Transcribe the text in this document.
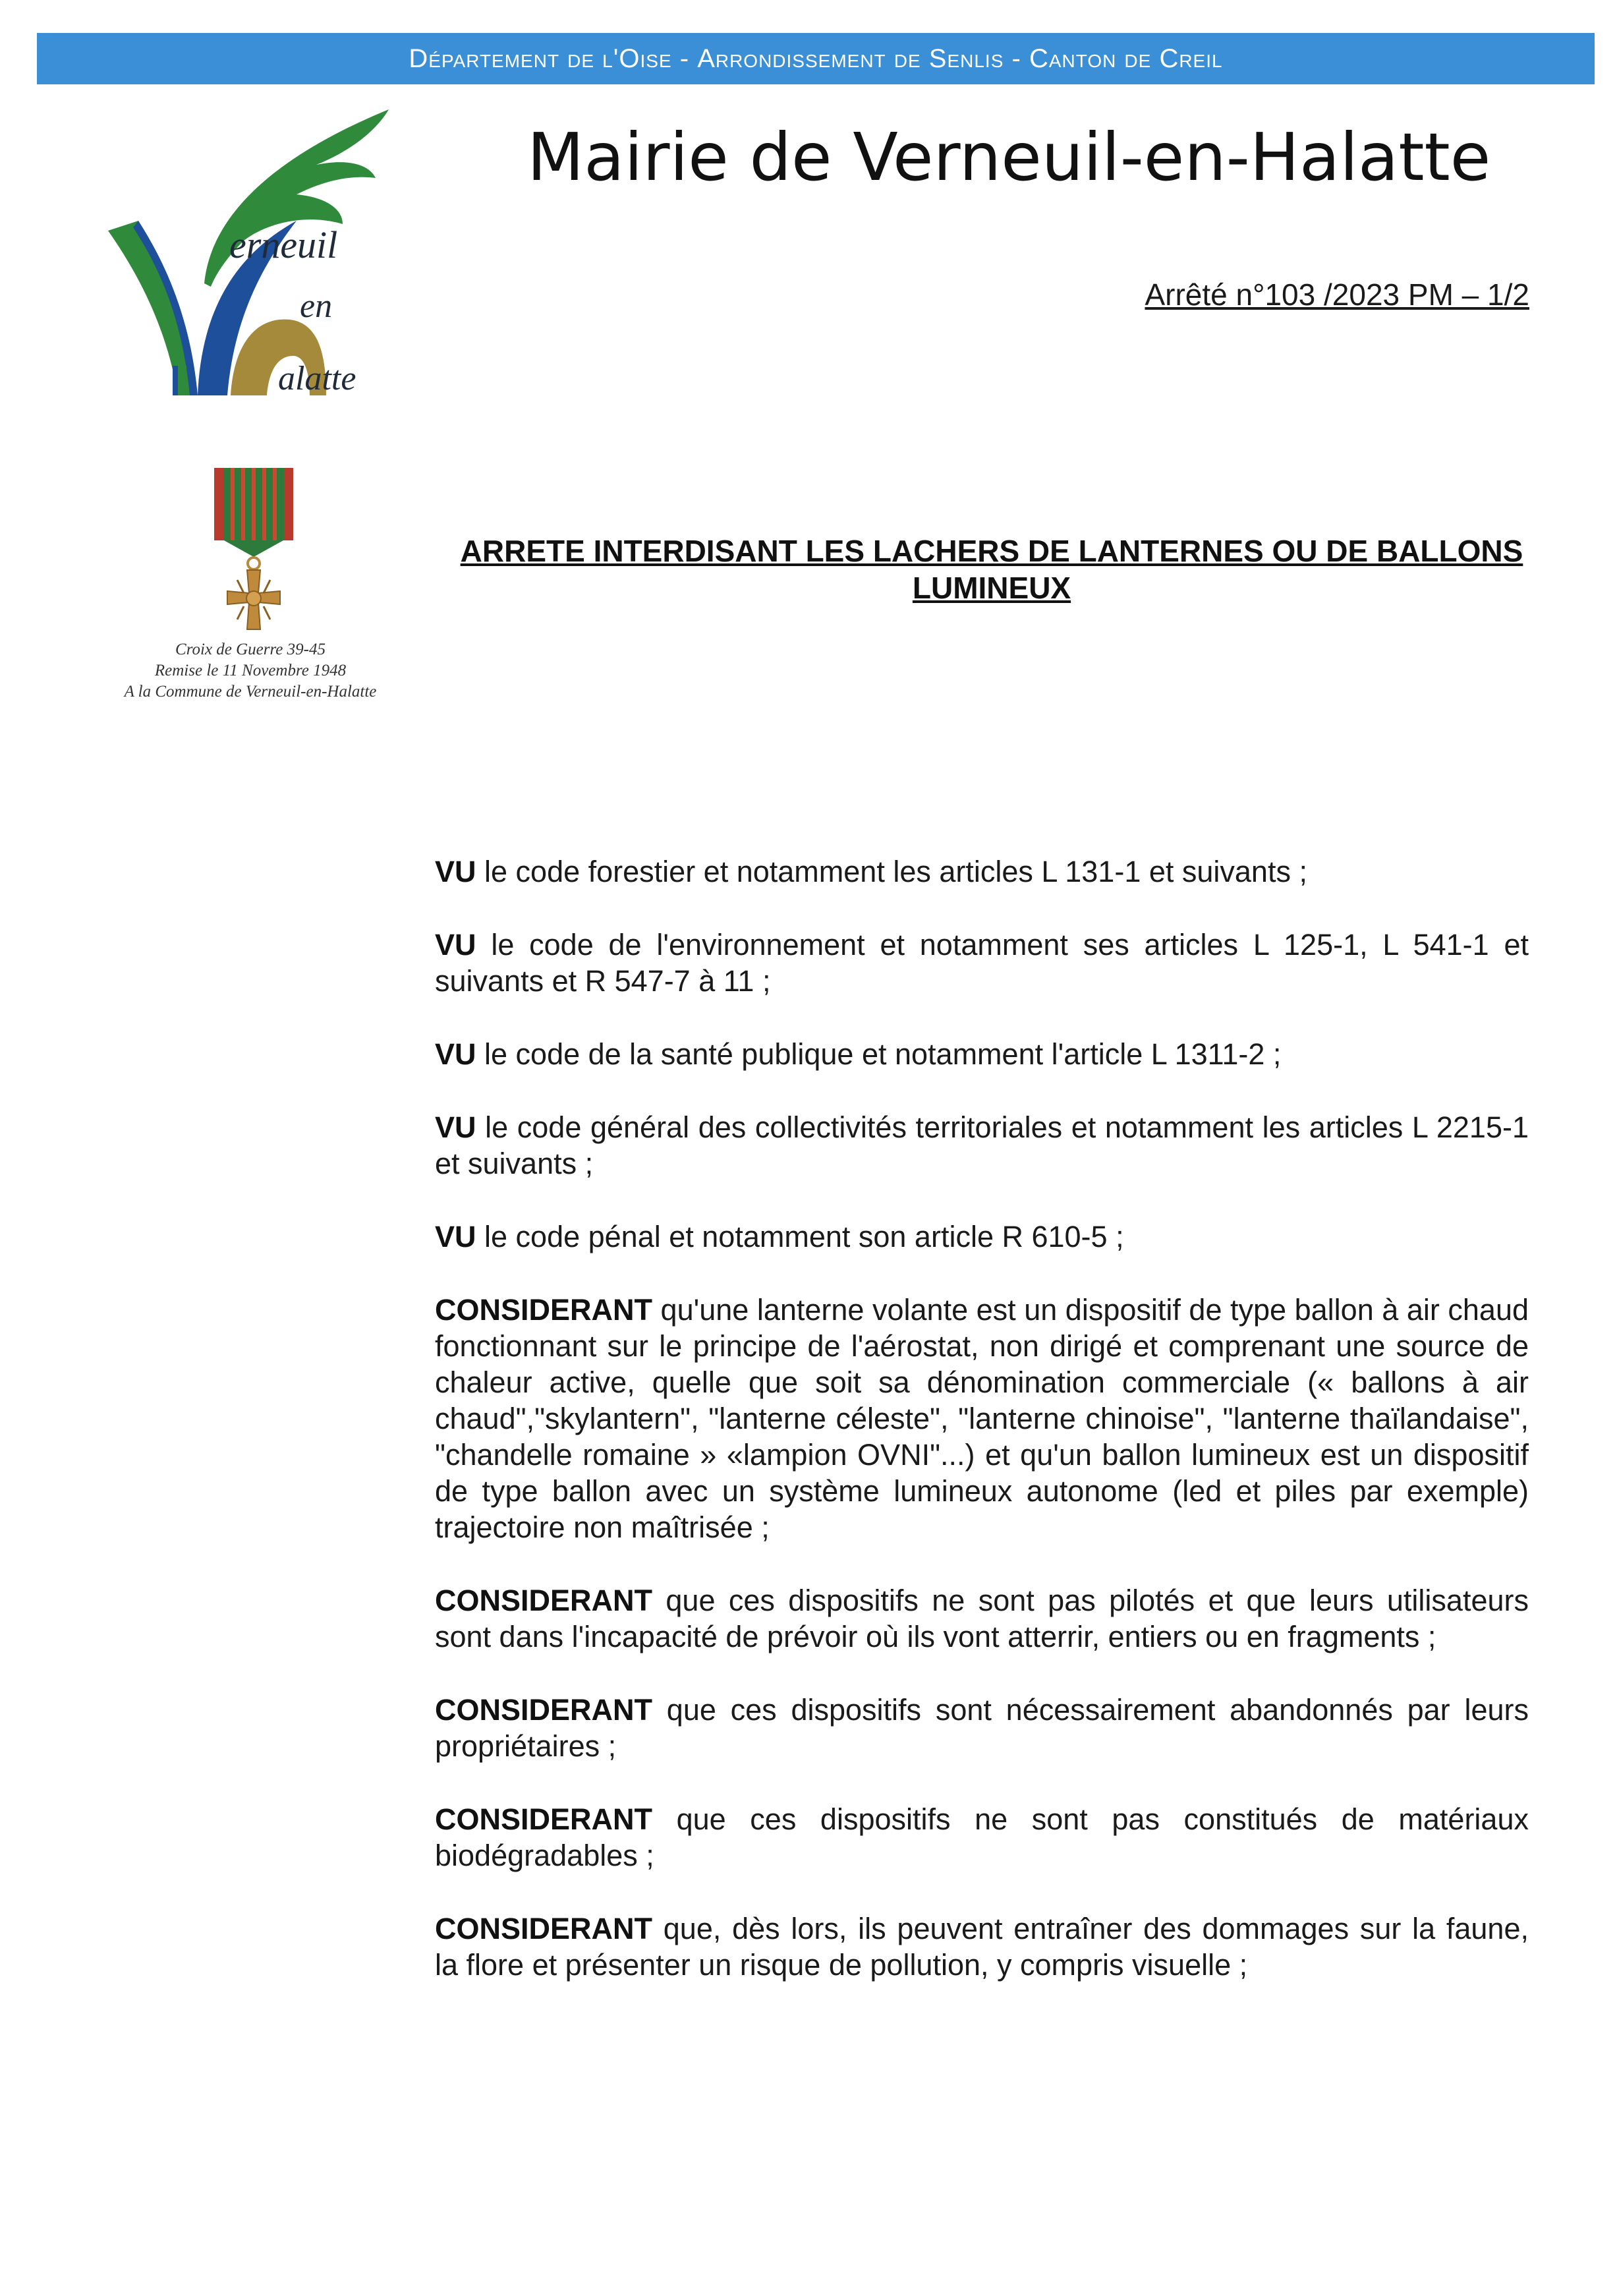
Département de l'Oise - Arrondissement de Senlis - Canton de Creil
Mairie de Verneuil-en-Halatte
Arrêté n°103 /2023 PM – 1/2
erneuil
en
alatte
Croix de Guerre 39-45
Remise le 11 Novembre 1948
A la Commune de Verneuil-en-Halatte
ARRETE INTERDISANT LES LACHERS DE LANTERNES OU DE BALLONS
LUMINEUX

VU le code forestier et notamment les articles L 131-1 et suivants ;

VU le code de l'environnement et notamment ses articles L 125-1, L 541-1 et suivants et R 547-7 à 11 ;

VU le code de la santé publique et notamment l'article L 1311-2 ;

VU le code général des collectivités territoriales et notamment les articles L 2215-1 et suivants ;

VU le code pénal et notamment son article R 610-5 ;

CONSIDERANT qu'une lanterne volante est un dispositif de type ballon à air chaud fonctionnant sur le principe de l'aérostat, non dirigé et comprenant une source de chaleur active, quelle que soit sa dénomination commerciale (« ballons à air chaud","skylantern", "lanterne céleste", "lanterne chinoise", "lanterne thaïlandaise", "chandelle romaine » «lampion OVNI"...) et qu'un ballon lumineux est un dispositif de type ballon avec un système lumineux autonome (led et piles par exemple) trajectoire non maîtrisée ;

CONSIDERANT que ces dispositifs ne sont pas pilotés et que leurs utilisateurs sont dans l'incapacité de prévoir où ils vont atterrir, entiers ou en fragments ;

CONSIDERANT que ces dispositifs sont nécessairement abandonnés par leurs propriétaires ;

CONSIDERANT que ces dispositifs ne sont pas constitués de matériaux biodégradables ;

CONSIDERANT que, dès lors, ils peuvent entraîner des dommages sur la faune, la flore et présenter un risque de pollution, y compris visuelle ;
